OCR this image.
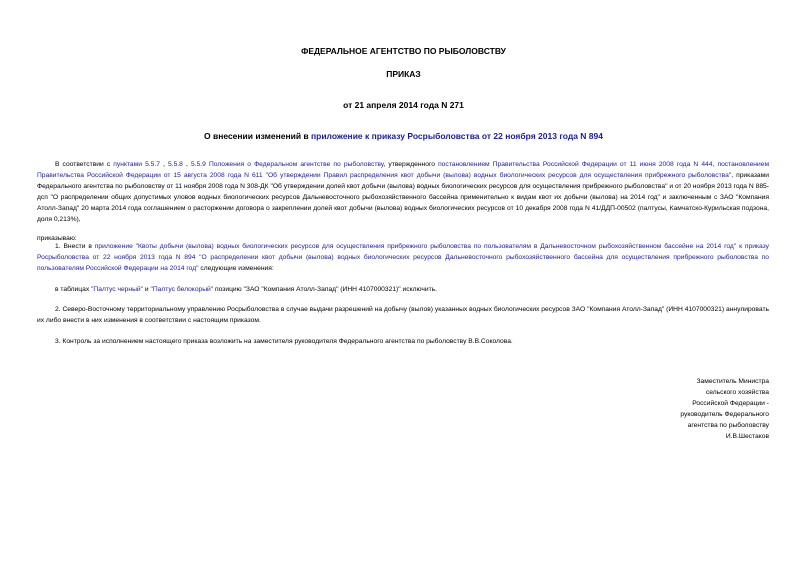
ФЕДЕРАЛЬНОЕ АГЕНТСТВО ПО РЫБОЛОВСТВУ
ПРИКАЗ
от 21 апреля 2014 года N 271
О внесении изменений в приложение к приказу Росрыболовства от 22 ноября 2013 года N 894
В соответствии с пунктами 5.5.7 , 5.5.8 , 5.5.9 Положения о Федеральном агентстве по рыболовству, утвержденного постановлением Правительства Российской Федерации от 11 июня 2008 года N 444, постановлением Правительства Российской Федерации от 15 августа 2008 года N 611 "Об утверждении Правил распределения квот добычи (вылова) водных биологических ресурсов для осуществления прибрежного рыболовства", приказами Федерального агентства по рыболовству от 11 ноября 2008 года N 308-ДК "Об утверждении долей квот добычи (вылова) водных биологических ресурсов для осуществления прибрежного рыболовства" и от 20 ноября 2013 года N 885-дсп "О распределении общих допустимых уловов водных биологических ресурсов Дальневосточного рыбохозяйственного бассейна применительно к видам квот их добычи (вылова) на 2014 год" и заключенным с ЗАО "Компания Атолл-Запад" 20 марта 2014 года соглашением о расторжении договора о закреплении долей квот добычи (вылова) водных биологических ресурсов от 10 декабря 2008 года N 41/ДДП-00502 (палтусы, Камчатско-Курильская подзона, доля 0,213%),
приказываю:
1. Внести в приложение "Квоты добычи (вылова) водных биологических ресурсов для осуществления прибрежного рыболовства по пользователям в Дальневосточном рыбохозяйственном бассейне на 2014 год" к приказу Росрыболовства от 22 ноября 2013 года N 894 "О распределении квот добычи (вылова) водных биологических ресурсов Дальневосточного рыбохозяйственного бассейна для осуществления прибрежного рыболовства по пользователям Российской Федерации на 2014 год" следующие изменения:
в таблицах "Палтус черный" и "Палтус белокорый" позицию "ЗАО "Компания Атолл-Запад" (ИНН 4107000321)" исключить.
2. Северо-Восточному территориальному управлению Росрыболовства в случае выдачи разрешений на добычу (вылов) указанных водных биологических ресурсов ЗАО "Компания Атолл-Запад" (ИНН 4107000321) аннулировать их либо внести в них изменения в соответствии с настоящим приказом.
3. Контроль за исполнением настоящего приказа возложить на заместителя руководителя Федерального агентства по рыболовству В.В.Соколова.
Заместитель Министра
сельского хозяйства
Российской Федерации -
руководитель Федерального
агентства по рыболовству
И.В.Шестаков
